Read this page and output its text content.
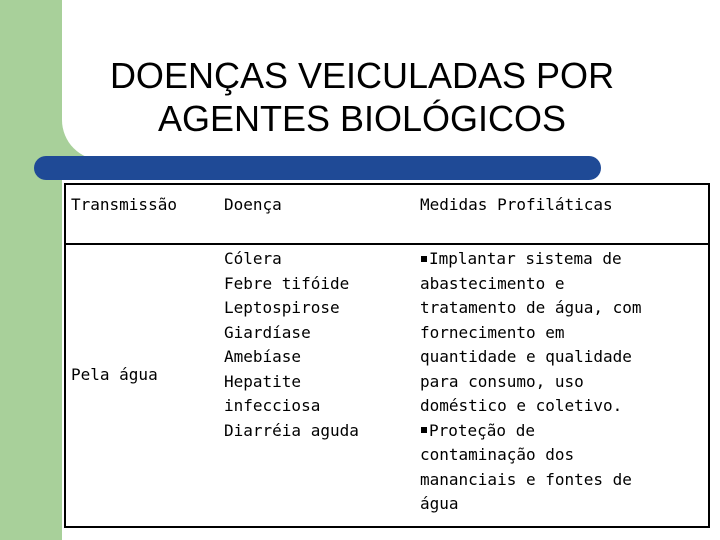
DOENÇAS VEICULADAS POR
AGENTES BIOLÓGICOS
Transmissão	Doença	Medidas Profiláticas
Pela água
Cólera
Febre tifóide
Leptospirose
Giardíase
Amebíase
Hepatite
infecciosa
Diarréia aguda
Implantar sistema de
abastecimento e
tratamento de água, com
fornecimento em
quantidade e qualidade
para consumo, uso
doméstico e coletivo.
Proteção de
contaminação dos
mananciais e fontes de
água
